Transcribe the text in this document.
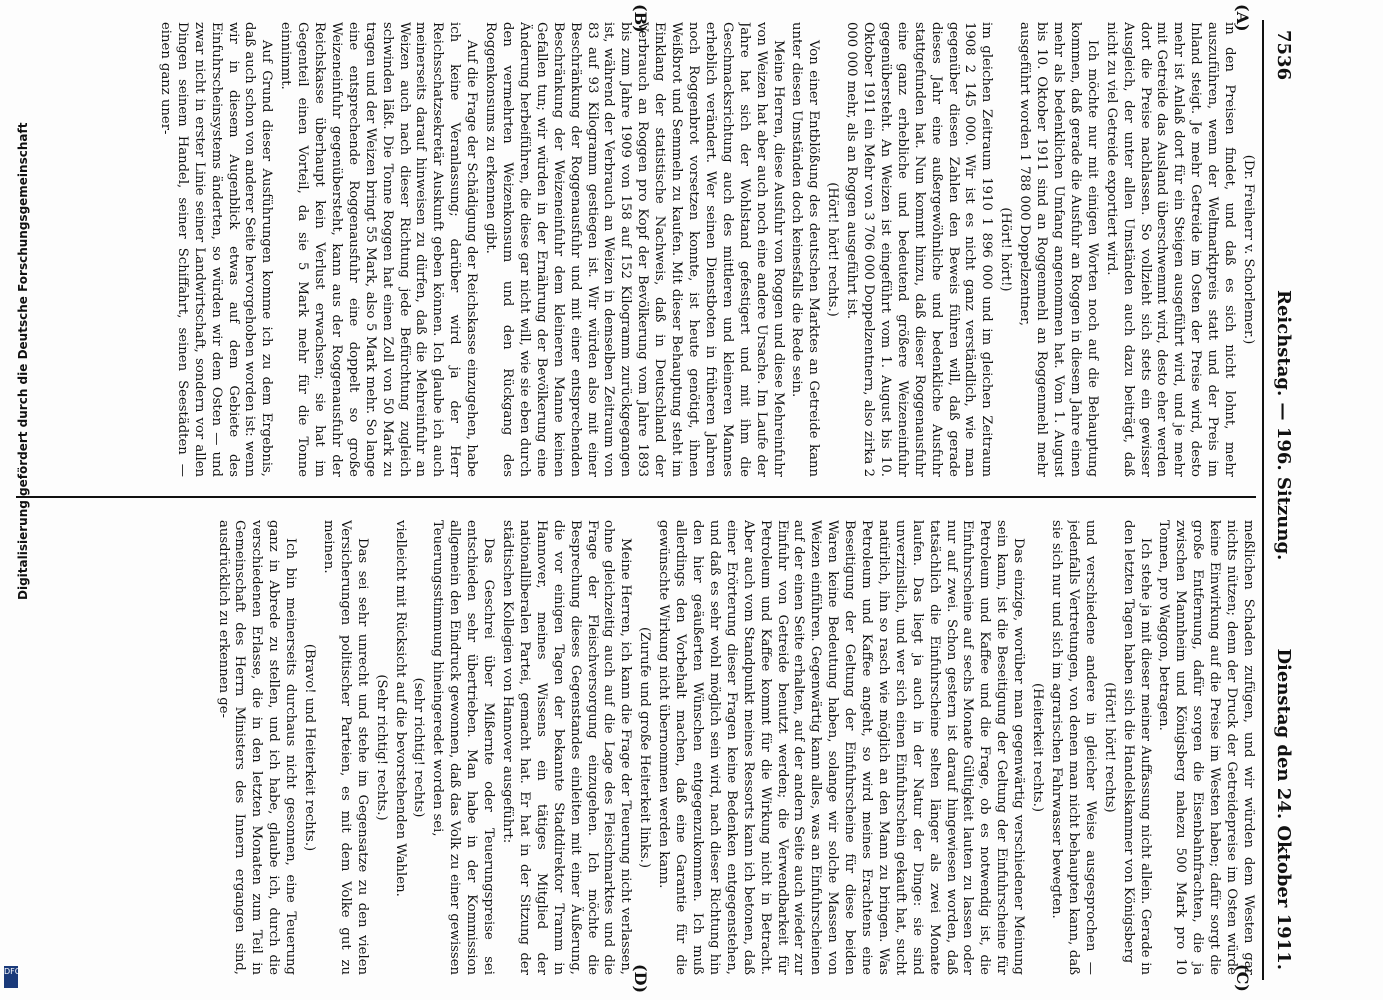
7536
Reichstag. — 196. Sitzung.
Dienstag den 24. Oktober 1911.
(A)
(B)
(C)
(D)

(Dr. Freiherr v. Schorlemer.)

in den Preisen findet, und daß es sich nicht lohnt, mehr auszuführen, wenn der Weltmarktpreis statt und der Preis im Inland steigt. Je mehr Getreide im Osten der Preise wird, desto mehr ist Anlaß dort für ein Steigen ausgeführt wird, und je mehr mit Getreide das Ausland überschwemmt wird, desto eher werden dort die Preise nachlassen. So vollzieht sich stets ein gewisser Ausgleich, der unter allen Umständen auch dazu beiträgt, daß nicht zu viel Getreide exportiert wird.

Ich möchte nur mit einigen Worten noch auf die Behauptung kommen, daß gerade die Ausfuhr an Roggen in diesem Jahre einen mehr als bedenklichen Umfang angenommen hat. Vom 1. August bis 10. Oktober 1911 sind an Roggenmehl an Roggenmehl mehr ausgeführt worden 1 788 000 Doppelzentner,

(Hört! hört!)

im gleichen Zeitraum 1910 1 896 000 und im gleichen Zeitraum 1908 2 145 000. Wir ist es nicht ganz verständlich, wie man gegenüber diesen Zahlen den Beweis führen will, daß gerade dieses Jahr eine außergewöhnliche und bedenkliche Ausfuhr stattgefunden hat. Nun kommt hinzu, daß dieser Roggenausfuhr eine ganz erhebliche und bedeutend größere Weizeneinfuhr gegenübersteht. An Weizen ist eingeführt vom 1. August bis 10. Oktober 1911 ein Mehr von 3 706 000 Doppelzentnern, also zirka 2 000 000 mehr, als an Roggen ausgeführt ist.

(Hört! hört! rechts.)

Von einer Entblößung des deutschen Marktes an Getreide kann unter diesen Umständen doch keinesfalls die Rede sein.

Meine Herren, diese Ausfuhr von Roggen und diese Mehreinfuhr von Weizen hat aber auch noch eine andere Ursache. Im Laufe der Jahre hat sich der Wohlstand gefestigert und mit ihm die Geschmacksrichtung auch des mittleren und kleineren Mannes erheblich verändert. Wer seinen Dienstboten in früheren Jahren noch Roggenbrot vorsetzen konnte, ist heute genötigt, ihnen Weißbrot und Semmeln zu kaufen. Mit dieser Behauptung steht im Einklang der statistische Nachweis, daß in Deutschland der Verbrauch an Roggen pro Kopf der Bevölkerung vom Jahre 1893 bis zum Jahre 1909 von 158 auf 152 Kilogramm zurückgegangen ist, während der Verbrauch an Weizen in demselben Zeitraum von 83 auf 93 Kilogramm gestiegen ist. Wir würden also mit einer Beschränkung der Roggenausfuhr und mit einer entsprechenden Beschränkung der Weizeneinfuhr dem kleineren Manne keinen Gefallen tun; wir würden in der Ernährung der Bevölkerung eine Änderung herbeiführen, die diese gar nicht will, wie sie eben durch den vermehrten Weizenkonsum und den Rückgang des Roggenkonsums zu erkennen gibt.

Auf die Frage der Schädigung der Reichskasse einzugehen, habe ich keine Veranlassung; darüber wird ja der Herr Reichsschatzsekretär Auskunft geben können. Ich glaube ich auch meinerseits darauf hinweisen zu dürfen, daß die Mehreinfuhr an Weizen auch nach dieser Richtung jede Befürchtung zugleich schwinden läßt. Die Tonne Roggen hat einen Zoll von 50 Mark zu tragen und der Weizen bringt 55 Mark, also 5 Mark mehr. So lange eine entsprechende Roggenausfuhr eine doppelt so große Weizeneinfuhr gegenübersteht, kann aus der Roggenausfuhr der Reichskasse überhaupt kein Verlust erwachsen; sie hat im Gegenteil einen Vorteil, da sie 5 Mark mehr für die Tonne einnimmt.

Auf Grund dieser Ausführungen komme ich zu dem Ergebnis, daß auch schon von anderer Seite hervorgehoben worden ist: wenn wir in diesem Augenblick etwas auf dem Gebiete des Einfuhrscheinsystems änderten, so würden wir dem Osten — und zwar nicht in erster Linie seiner Landwirtschaft, sondern vor allen Dingen seinem Handel, seiner Schiffahrt, seinen Seestädten — einen ganz uner-

meßlichen Schaden zufügen, und wir würden dem Westen gar nichts nützen; denn der Druck der Getreidepreise im Osten würde keine Einwirkung auf die Preise im Westen haben; dafür sorgt die große Entfernung, dafür sorgen die Eisenbahnfrachten, die ja zwischen Mannheim und Königsberg nahezu 500 Mark pro 10 Tonnen, pro Waggon, betragen.

Ich stehe ja mit dieser meiner Auffassung nicht allein. Gerade in den letzten Tagen haben sich die Handelskammer von Königsberg

(Hört! hört! rechts)

und verschiedene andere in gleicher Weise ausgesprochen — jedenfalls Vertretungen, von denen man nicht behaupten kann, daß sie sich nur und sich im agrarischen Fahrwasser bewegten.

(Heiterkeit rechts.)

Das einzige, worüber man gegenwärtig verschiedener Meinung sein kann, ist die Beseitigung der Geltung der Einfuhrscheine für Petroleum und Kaffee und die Frage, ob es notwendig ist, die Einfuhrscheine auf sechs Monate Gültigkeit lauten zu lassen oder nur auf zwei. Schon gestern ist darauf hingewiesen worden, daß tatsächlich die Einfuhrscheine selten länger als zwei Monate laufen. Das liegt ja auch in der Natur der Dinge: sie sind unverzinslich, und wer sich einen Einfuhrschein gekauft hat, sucht natürlich, ihn so rasch wie möglich an den Mann zu bringen. Was Petroleum und Kaffee angeht, so wird meines Erachtens eine Beseitigung der Geltung der Einfuhrscheine für diese beiden Waren keine Bedeutung haben, solange wir solche Massen von Weizen einführen. Gegenwärtig kann alles, was an Einfuhrscheinen auf der einen Seite erhalten, auf der andern Seite auch wieder zur Einfuhr von Getreide benutzt werden; die Verwendbarkeit für Petroleum und Kaffee kommt für die Wirkung nicht in Betracht. Aber auch vom Standpunkt meines Ressorts kann ich betonen, daß einer Erörterung dieser Fragen keine Bedenken entgegenstehen, und daß es sehr wohl möglich sein wird, nach dieser Richtung hin den hier geäußerten Wünschen entgegenzukommen. Ich muß allerdings den Vorbehalt machen, daß eine Garantie für die gewünschte Wirkung nicht übernommen werden kann.

(Zurufe und große Heiterkeit links.)

Meine Herren, ich kann die Frage der Teuerung nicht verlassen, ohne gleichzeitig auch auf die Lage des Fleischmarktes und die Frage der Fleischversorgung einzugehen. Ich möchte die Besprechung dieses Gegenstandes einleiten mit einer Äußerung, die vor einigen Tagen der bekannte Stadtdirektor Tramm in Hannover, meines Wissens ein tätiges Mitglied der nationalliberalen Partei, gemacht hat. Er hat in der Sitzung der städtischen Kollegien von Hannover ausgeführt:

Das Geschrei über Mißernte oder Teuerungspreise sei entschieden sehr übertrieben. Man habe in der Kommission allgemein den Eindruck gewonnen, daß das Volk zu einer gewissen Teuerungsstimmung hineingeredet worden sei,

(sehr richtig! rechts)

vielleicht mit Rücksicht auf die bevorstehenden Wahlen.

(Sehr richtig! rechts.)

Das sei sehr unrecht und stehe im Gegensatze zu den vielen Versicherungen politischer Parteien, es mit dem Volke gut zu meinen.

(Bravo! und Heiterkeit rechts.)

Ich bin meinerseits durchaus nicht gesonnen, eine Teuerung ganz in Abrede zu stellen, und ich habe, glaube ich, durch die verschiedenen Erlasse, die in den letzten Monaten zum Teil in Gemeinschaft des Herrn Ministers des Innern ergangen sind, ausdrücklich zu erkennen ge-

Digitalisierung gefördert durch die Deutsche Forschungsgemeinschaft
DFG
